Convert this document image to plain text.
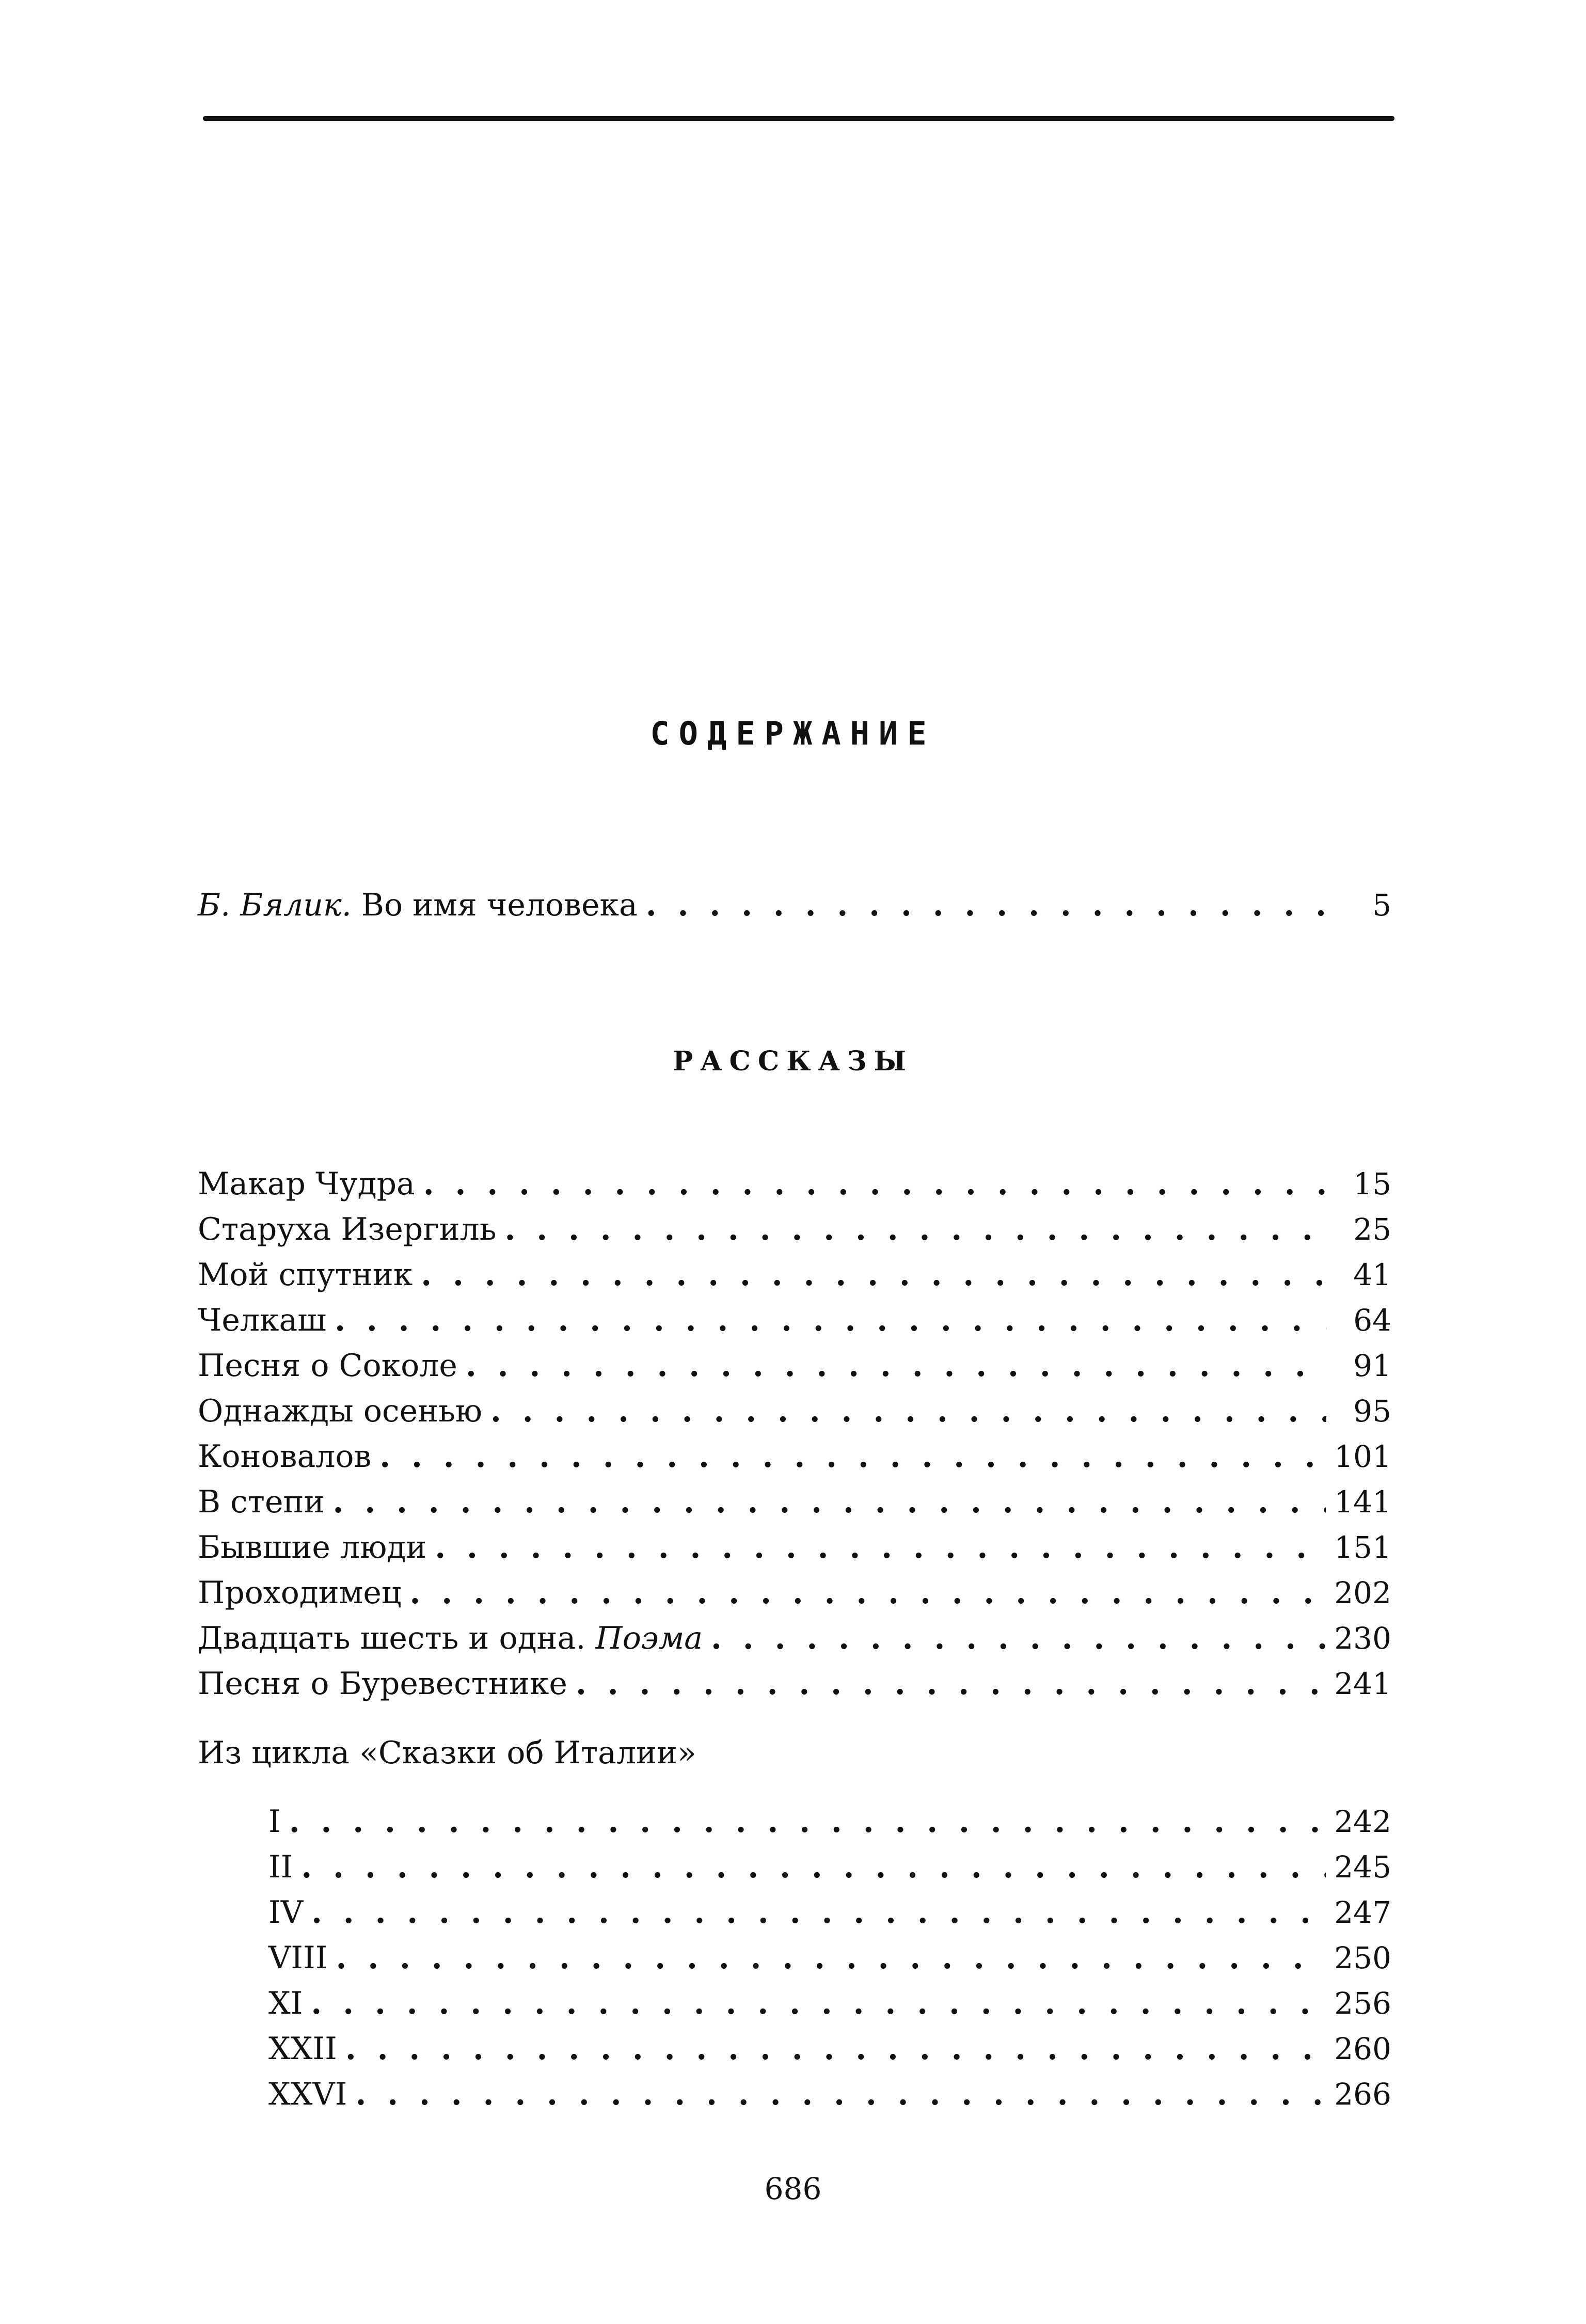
СОДЕРЖАНИЕ
Б. Бялик. Во имя человека . . .	5
РАССКАЗЫ
Макар Чудра . . .	15
Старуха Изергиль . . .	25
Мой спутник . . .	41
Челкаш . . .	64
Песня о Соколе . . .	91
Однажды осенью . . .	95
Коновалов . . .	101
В степи . . .	141
Бывшие люди . . .	151
Проходимец . . .	202
Двадцать шесть и одна. Поэма . . .	230
Песня о Буревестнике . . .	241
Из цикла «Сказки об Италии»
I . . .	242
II . . .	245
IV . . .	247
VIII . . .	250
XI . . .	256
XXII . . .	260
XXVI . . .	266
686
